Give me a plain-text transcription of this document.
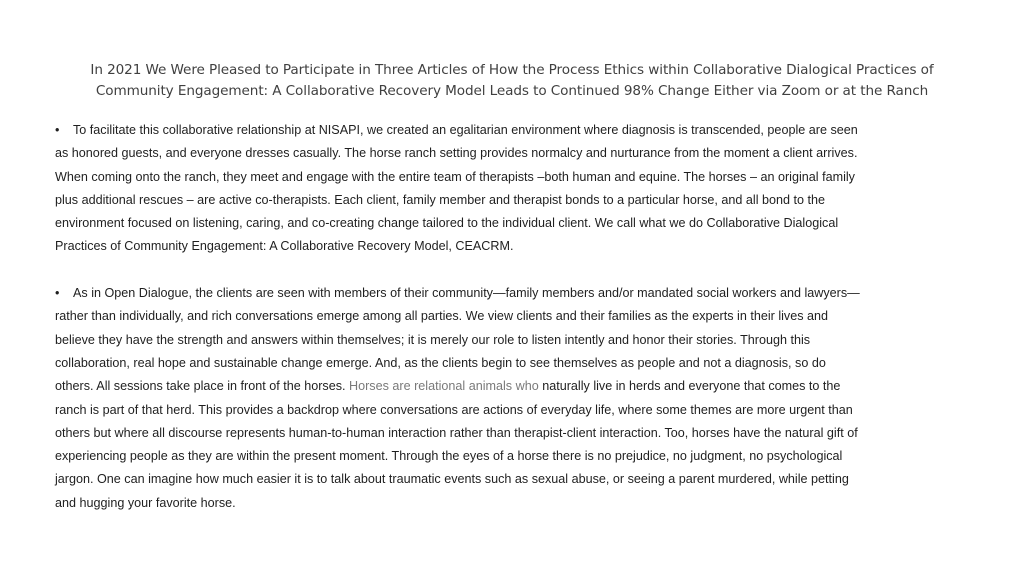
In 2021 We Were Pleased to Participate in Three Articles of How the Process Ethics within Collaborative Dialogical Practices of
Community Engagement: A Collaborative Recovery Model Leads to Continued 98% Change Either via Zoom or at the Ranch
• To facilitate this collaborative relationship at NISAPI, we created an egalitarian environment where diagnosis is transcended, people are seen
as honored guests, and everyone dresses casually. The horse ranch setting provides normalcy and nurturance from the moment a client arrives.
When coming onto the ranch, they meet and engage with the entire team of therapists –both human and equine. The horses – an original family
plus additional rescues – are active co-therapists. Each client, family member and therapist bonds to a particular horse, and all bond to the
environment focused on listening, caring, and co-creating change tailored to the individual client. We call what we do Collaborative Dialogical
Practices of Community Engagement: A Collaborative Recovery Model, CEACRM.
• As in Open Dialogue, the clients are seen with members of their community—family members and/or mandated social workers and lawyers—
rather than individually, and rich conversations emerge among all parties. We view clients and their families as the experts in their lives and
believe they have the strength and answers within themselves; it is merely our role to listen intently and honor their stories. Through this
collaboration, real hope and sustainable change emerge. And, as the clients begin to see themselves as people and not a diagnosis, so do
others. All sessions take place in front of the horses. Horses are relational animals who naturally live in herds and everyone that comes to the
ranch is part of that herd. This provides a backdrop where conversations are actions of everyday life, where some themes are more urgent than
others but where all discourse represents human-to-human interaction rather than therapist-client interaction. Too, horses have the natural gift of
experiencing people as they are within the present moment. Through the eyes of a horse there is no prejudice, no judgment, no psychological
jargon. One can imagine how much easier it is to talk about traumatic events such as sexual abuse, or seeing a parent murdered, while petting
and hugging your favorite horse.
